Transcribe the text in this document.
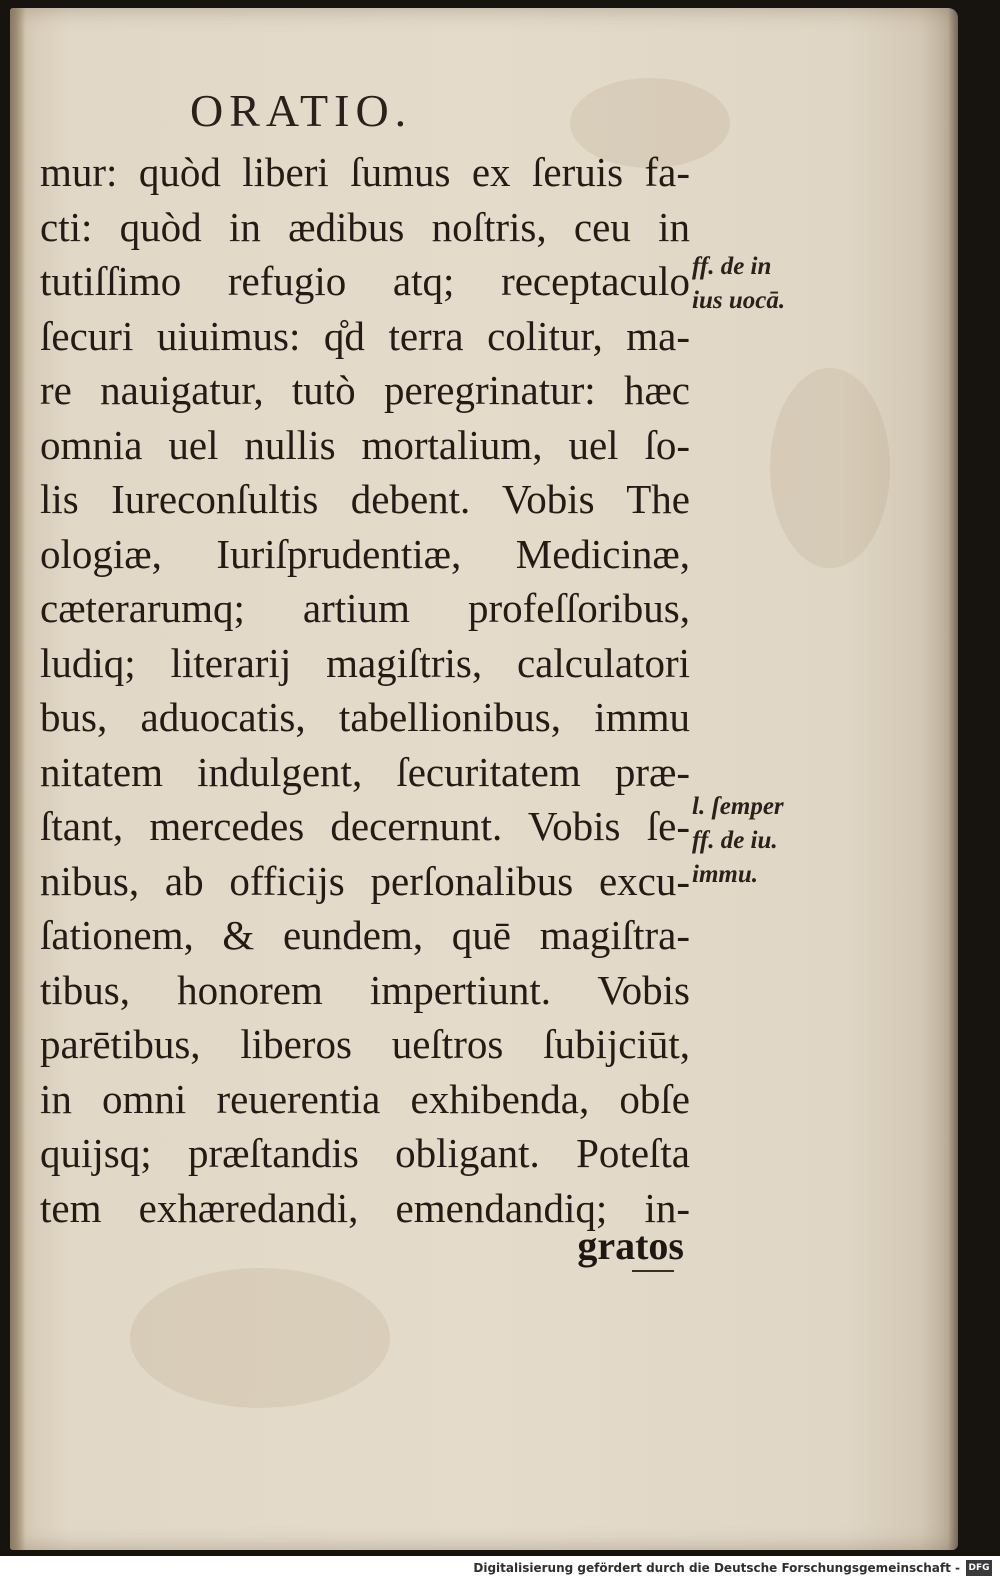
ORATIO.
mur: quòd liberi ſumus ex ſeruis fa-
cti: quòd in ædibus noſtris, ceu in
tutiſſimo refugio atq; receptaculo
ſecuri uiuimus: q̊d terra colitur, ma-
re nauigatur, tutò peregrinatur: hæc
omnia uel nullis mortalium, uel ſo-
lis Iureconſultis debent. Vobis The
ologiæ, Iuriſprudentiæ, Medicinæ,
cæterarumq; artium profeſſoribus,
ludiq; literarij magiſtris, calculatori
bus, aduocatis, tabellionibus, immu
nitatem indulgent, ſecuritatem præ-
ſtant, mercedes decernunt. Vobis ſe-
nibus, ab officijs perſonalibus excu-
ſationem, & eundem, quē magiſtra-
tibus, honorem impertiunt. Vobis
parētibus, liberos ueſtros ſubijciūt,
in omni reuerentia exhibenda, obſe
quijsq; præſtandis obligant. Poteſta
tem exhæredandi, emendandiq; in-
gratos
ff. de in
ius uocā.
l. ſemper
ff. de iu.
immu.
Digitalisierung gefördert durch die Deutsche Forschungsgemeinschaft - DFG
